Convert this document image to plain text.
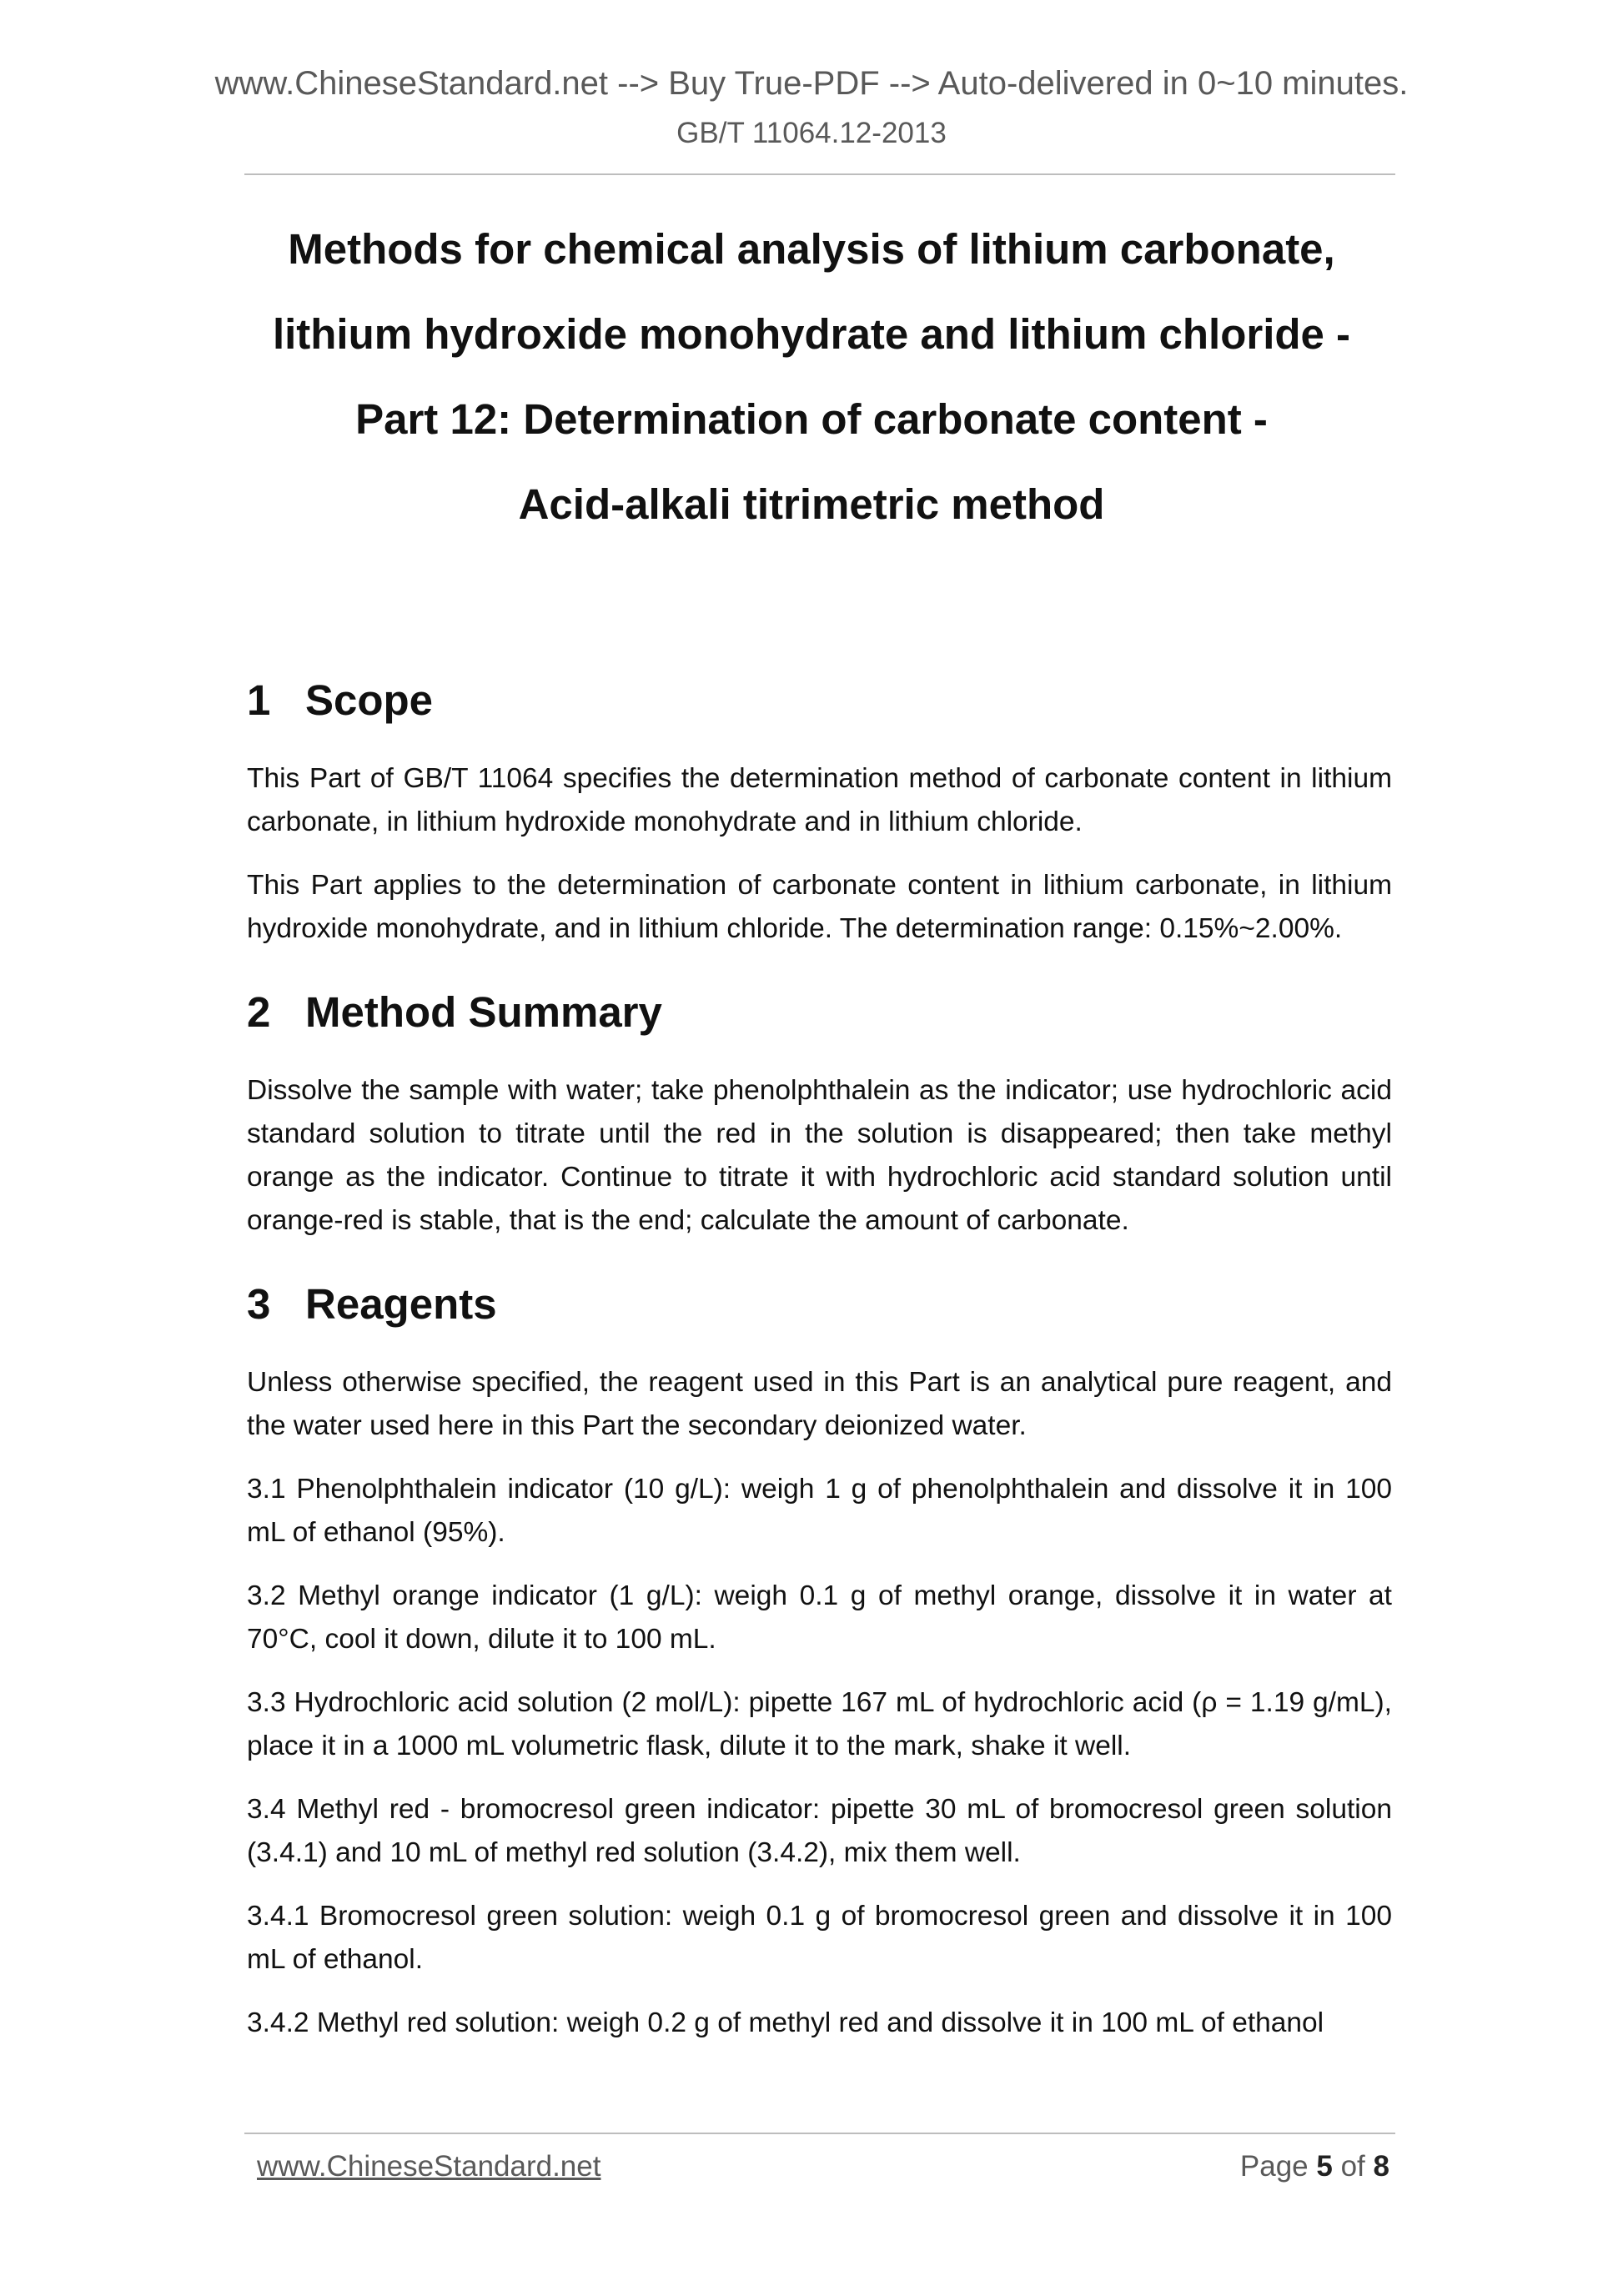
www.ChineseStandard.net --> Buy True-PDF --> Auto-delivered in 0~10 minutes.
GB/T 11064.12-2013
Methods for chemical analysis of lithium carbonate,
lithium hydroxide monohydrate and lithium chloride -
Part 12: Determination of carbonate content -
Acid-alkali titrimetric method
1 Scope

This Part of GB/T 11064 specifies the determination method of carbonate content in lithium carbonate, in lithium hydroxide monohydrate and in lithium chloride.

This Part applies to the determination of carbonate content in lithium carbonate, in lithium hydroxide monohydrate, and in lithium chloride. The determination range: 0.15%~2.00%.

2 Method Summary

Dissolve the sample with water; take phenolphthalein as the indicator; use hydrochloric acid standard solution to titrate until the red in the solution is disappeared; then take methyl orange as the indicator. Continue to titrate it with hydrochloric acid standard solution until orange-red is stable, that is the end; calculate the amount of carbonate.

3 Reagents

Unless otherwise specified, the reagent used in this Part is an analytical pure reagent, and the water used here in this Part the secondary deionized water.

3.1 Phenolphthalein indicator (10 g/L): weigh 1 g of phenolphthalein and dissolve it in 100 mL of ethanol (95%).

3.2 Methyl orange indicator (1 g/L): weigh 0.1 g of methyl orange, dissolve it in water at 70°C, cool it down, dilute it to 100 mL.

3.3 Hydrochloric acid solution (2 mol/L): pipette 167 mL of hydrochloric acid (ρ = 1.19 g/mL), place it in a 1000 mL volumetric flask, dilute it to the mark, shake it well.

3.4 Methyl red - bromocresol green indicator: pipette 30 mL of bromocresol green solution (3.4.1) and 10 mL of methyl red solution (3.4.2), mix them well.

3.4.1 Bromocresol green solution: weigh 0.1 g of bromocresol green and dissolve it in 100 mL of ethanol.

3.4.2 Methyl red solution: weigh 0.2 g of methyl red and dissolve it in 100 mL of ethanol

www.ChineseStandard.net	Page 5 of 8
